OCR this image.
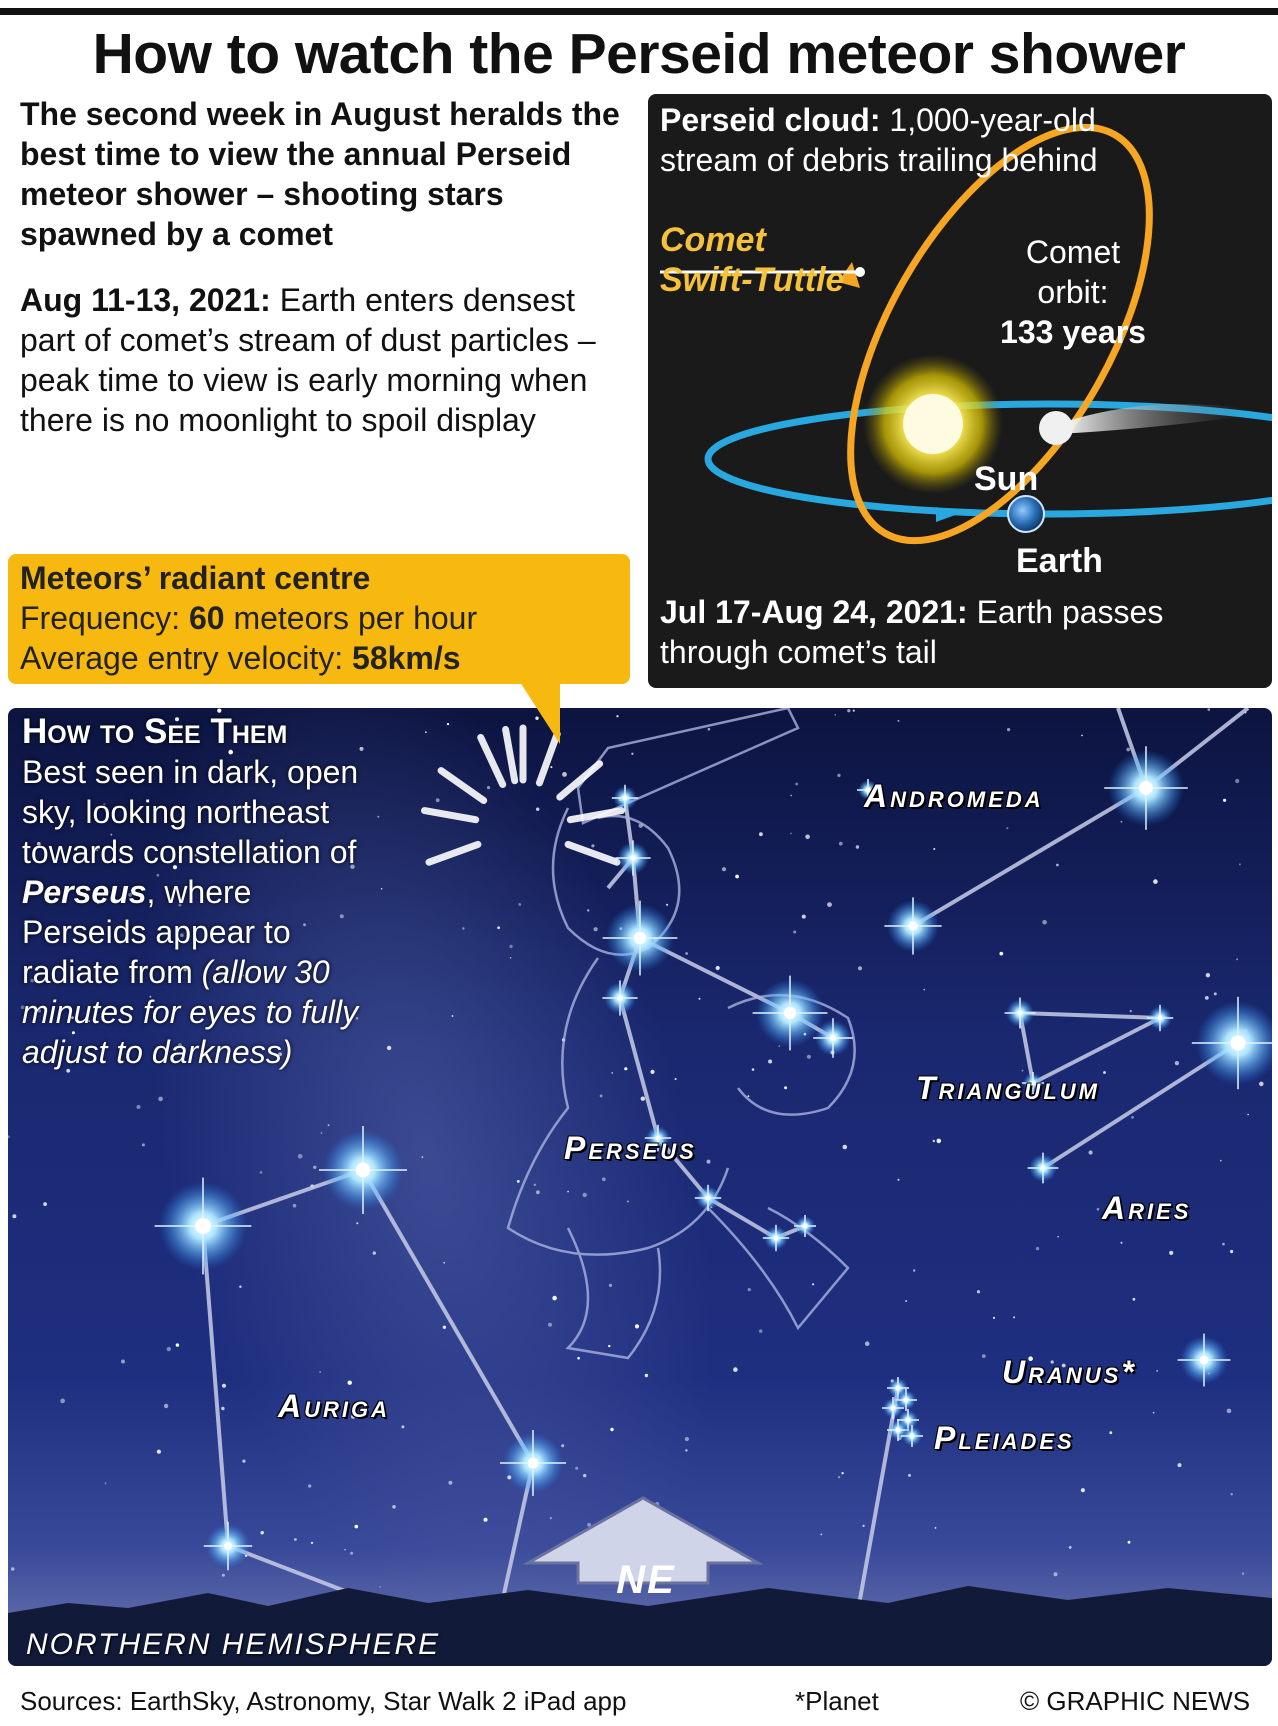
How to watch the Perseid meteor shower
The second week in August heralds the best time to view the annual Perseid meteor shower – shooting stars spawned by a comet
Aug 11-13, 2021: Earth enters densest part of comet’s stream of dust particles – peak time to view is early morning when there is no moonlight to spoil display
Perseid cloud: 1,000-year-old stream of debris trailing behind
Comet
Swift-Tuttle
Comet
orbit:
133 years
Sun
Earth
Jul 17-Aug 24, 2021: Earth passes through comet’s tail
How to See Them
Best seen in dark, open sky, looking northeast towards constellation of Perseus, where Perseids appear to radiate from (allow 30 minutes for eyes to fully adjust to darkness)
Andromeda
Triangulum
Perseus
Aries
Uranus*
Pleiades
Auriga
NE
NORTHERN HEMISPHERE
Meteors’ radiant centre
Frequency: 60 meteors per hour
Average entry velocity: 58km/s
Sources: EarthSky, Astronomy, Star Walk 2 iPad app	*Planet	© GRAPHIC NEWS
